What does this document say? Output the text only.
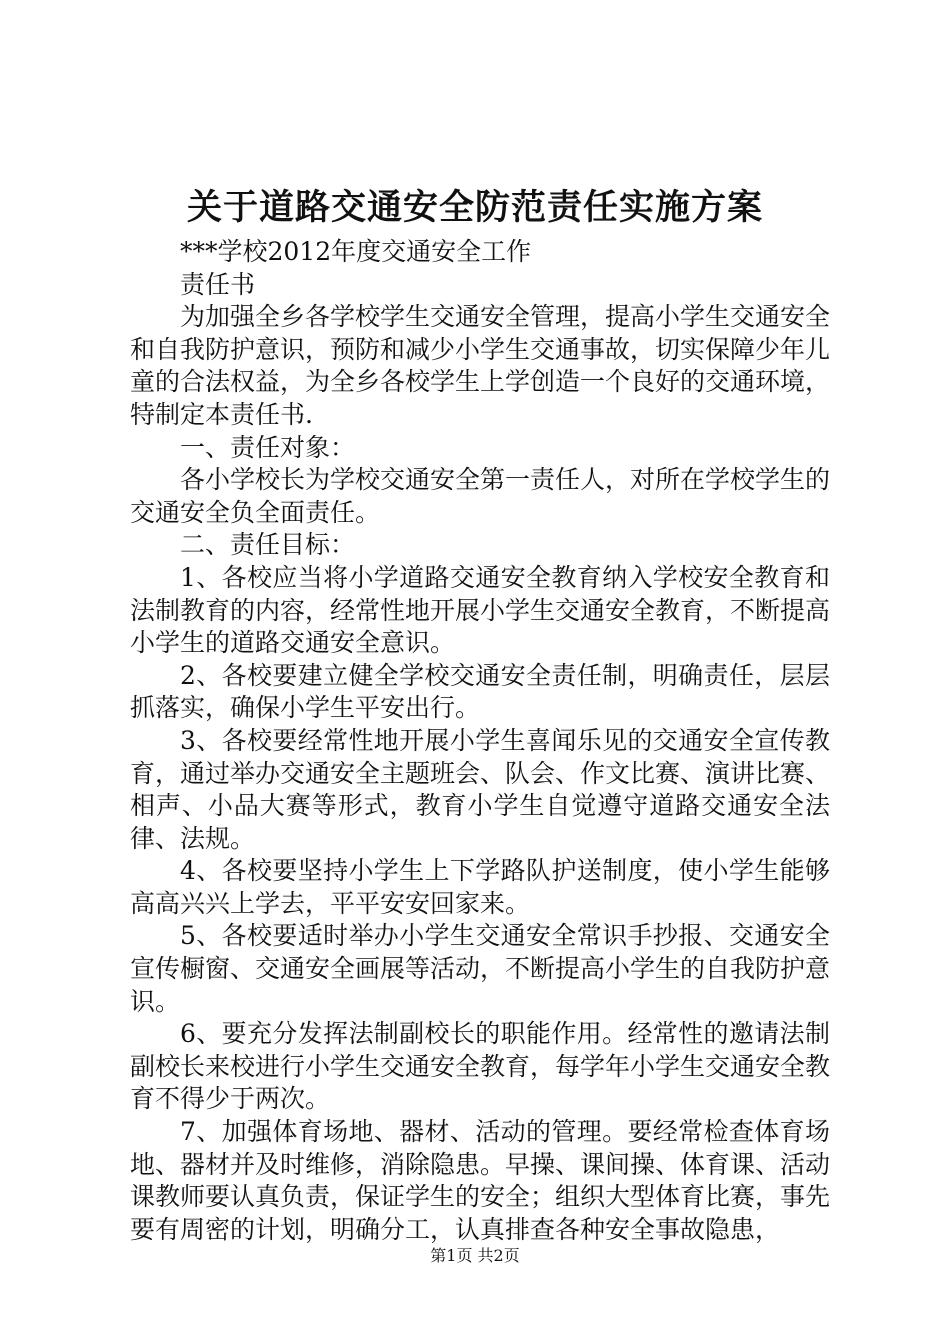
关于道路交通安全防范责任实施方案

***学校2012年度交通安全工作

责任书

为加强全乡各学校学生交通安全管理，提高小学生交通安全和自我防护意识，预防和减少小学生交通事故，切实保障少年儿童的合法权益，为全乡各校学生上学创造一个良好的交通环境，特制定本责任书.

一、责任对象：

各小学校长为学校交通安全第一责任人，对所在学校学生的交通安全负全面责任。

二、责任目标：

1、各校应当将小学道路交通安全教育纳入学校安全教育和法制教育的内容，经常性地开展小学生交通安全教育，不断提高小学生的道路交通安全意识。

2、各校要建立健全学校交通安全责任制，明确责任，层层抓落实，确保小学生平安出行。

3、各校要经常性地开展小学生喜闻乐见的交通安全宣传教育，通过举办交通安全主题班会、队会、作文比赛、演讲比赛、相声、小品大赛等形式，教育小学生自觉遵守道路交通安全法律、法规。

4、各校要坚持小学生上下学路队护送制度，使小学生能够高高兴兴上学去，平平安安回家来。

5、各校要适时举办小学生交通安全常识手抄报、交通安全宣传橱窗、交通安全画展等活动，不断提高小学生的自我防护意识。

6、要充分发挥法制副校长的职能作用。经常性的邀请法制副校长来校进行小学生交通安全教育，每学年小学生交通安全教育不得少于两次。

7、加强体育场地、器材、活动的管理。要经常检查体育场地、器材并及时维修，消除隐患。早操、课间操、体育课、活动课教师要认真负责，保证学生的安全；组织大型体育比赛，事先要有周密的计划，明确分工，认真排查各种安全事故隐患，

第1页 共2页
